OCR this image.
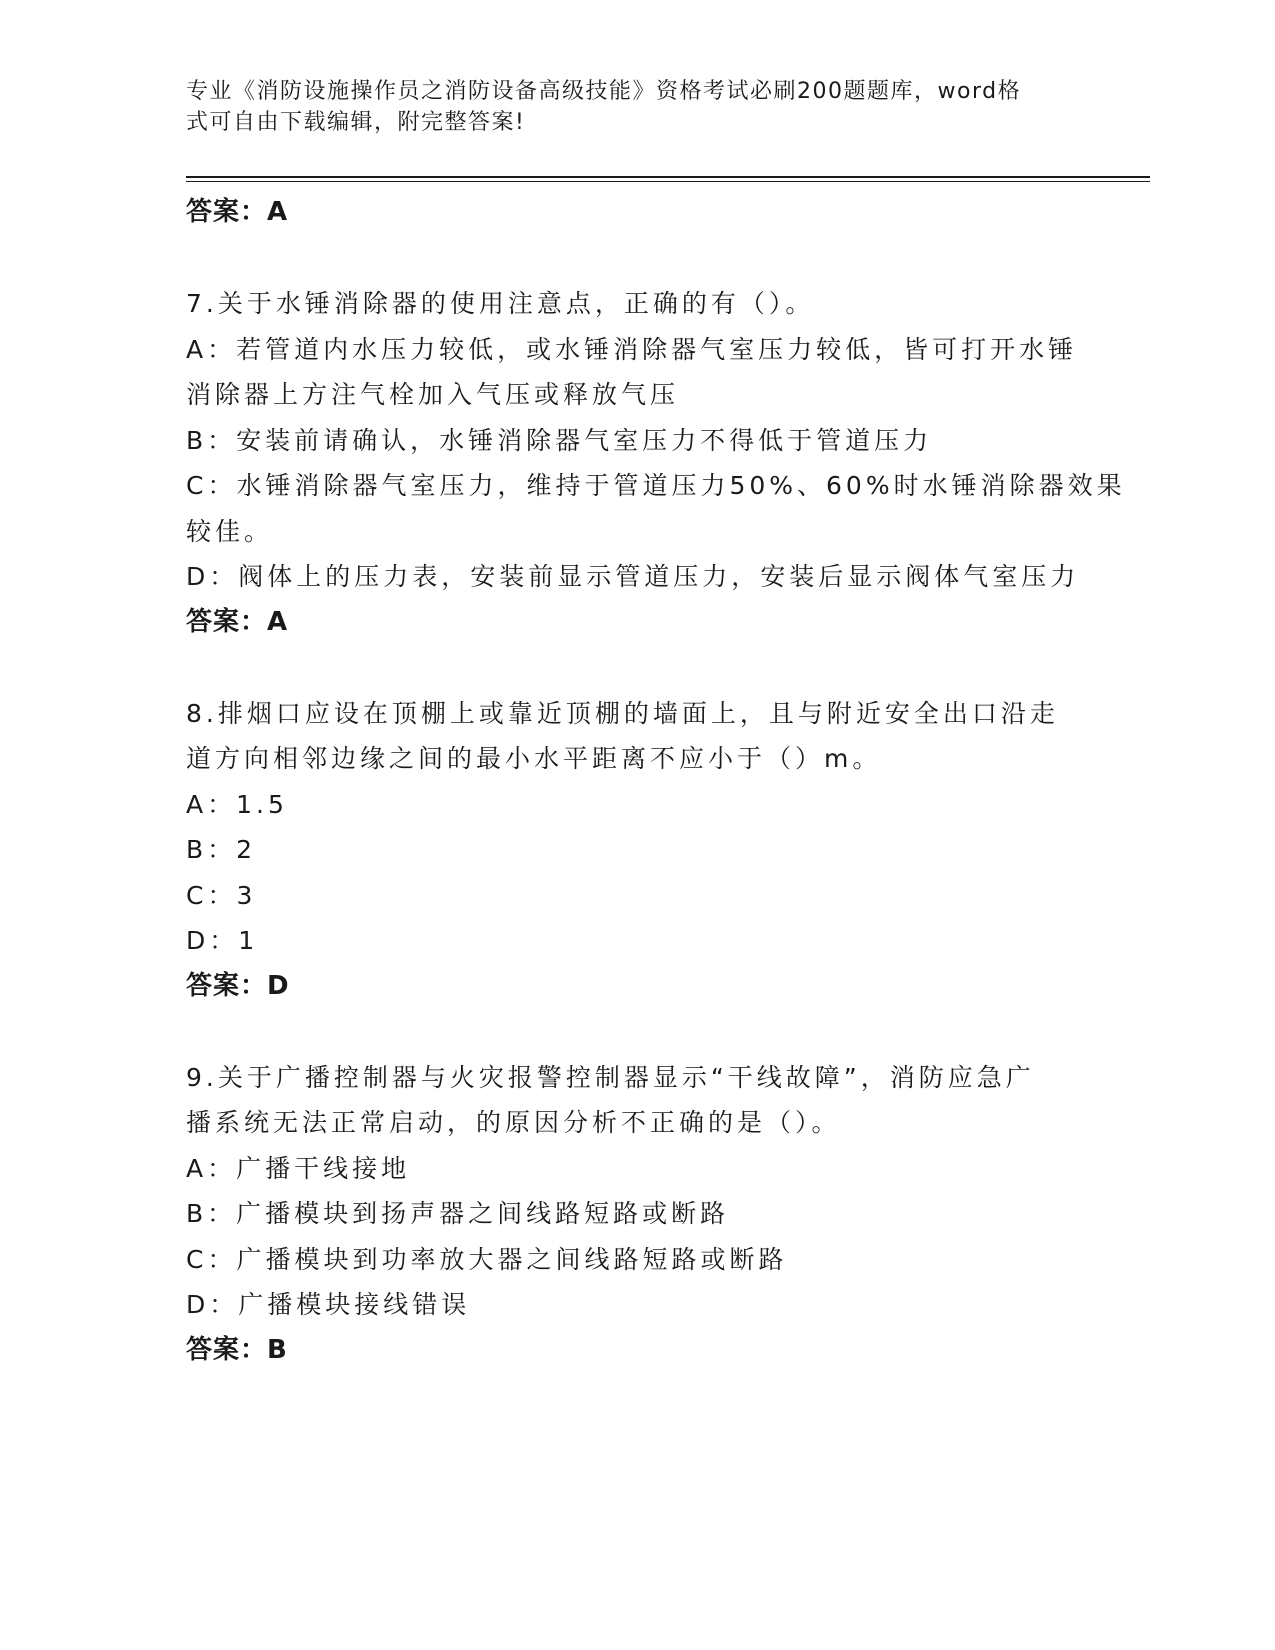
专业《消防设施操作员之消防设备高级技能》资格考试必刷200题题库，word格
式可自由下载编辑，附完整答案!
答案：A
7.关于水锤消除器的使用注意点，正确的有（）。
A：若管道内水压力较低，或水锤消除器气室压力较低，皆可打开水锤
消除器上方注气栓加入气压或释放气压
B：安装前请确认，水锤消除器气室压力不得低于管道压力
C：水锤消除器气室压力，维持于管道压力50%、60%时水锤消除器效果
较佳。
D：阀体上的压力表，安装前显示管道压力，安装后显示阀体气室压力
答案：A
8.排烟口应设在顶棚上或靠近顶棚的墙面上，且与附近安全出口沿走
道方向相邻边缘之间的最小水平距离不应小于（）m。
A：1.5
B：2
C：3
D：1
答案：D
9.关于广播控制器与火灾报警控制器显示“干线故障”，消防应急广
播系统无法正常启动，的原因分析不正确的是（）。
A：广播干线接地
B：广播模块到扬声器之间线路短路或断路
C：广播模块到功率放大器之间线路短路或断路
D：广播模块接线错误
答案：B
